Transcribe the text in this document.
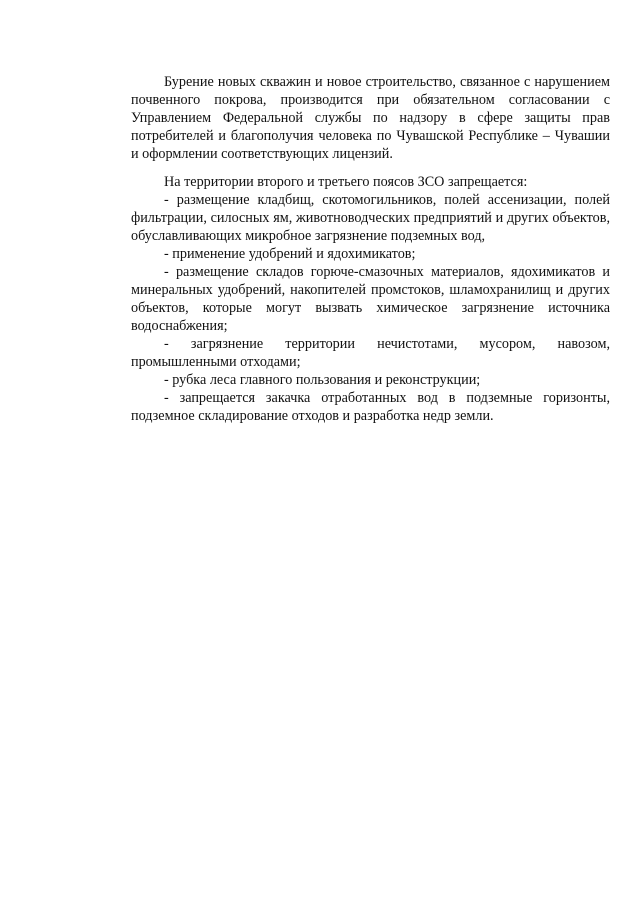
Бурение новых скважин и новое строительство, связанное с нарушением почвенного покрова, производится при обязательном согласовании с Управлением Федеральной службы по надзору в сфере защиты прав потребителей и благополучия человека по Чувашской Республике – Чувашии и оформлении соответствующих лицензий.

На территории второго и третьего поясов ЗСО запрещается:

- размещение кладбищ, скотомогильников, полей ассенизации, полей фильтрации, силосных ям, животноводческих предприятий и других объектов, обуславливающих микробное загрязнение подземных вод,
- применение удобрений и ядохимикатов;
- размещение складов горюче-смазочных материалов, ядохимикатов и минеральных удобрений, накопителей промстоков, шламохранилищ и других объектов, которые могут вызвать химическое загрязнение источника водоснабжения;
- загрязнение территории нечистотами, мусором, навозом, промышленными отходами;
- рубка леса главного пользования и реконструкции;
- запрещается закачка отработанных вод в подземные горизонты, подземное складирование отходов и разработка недр земли.
